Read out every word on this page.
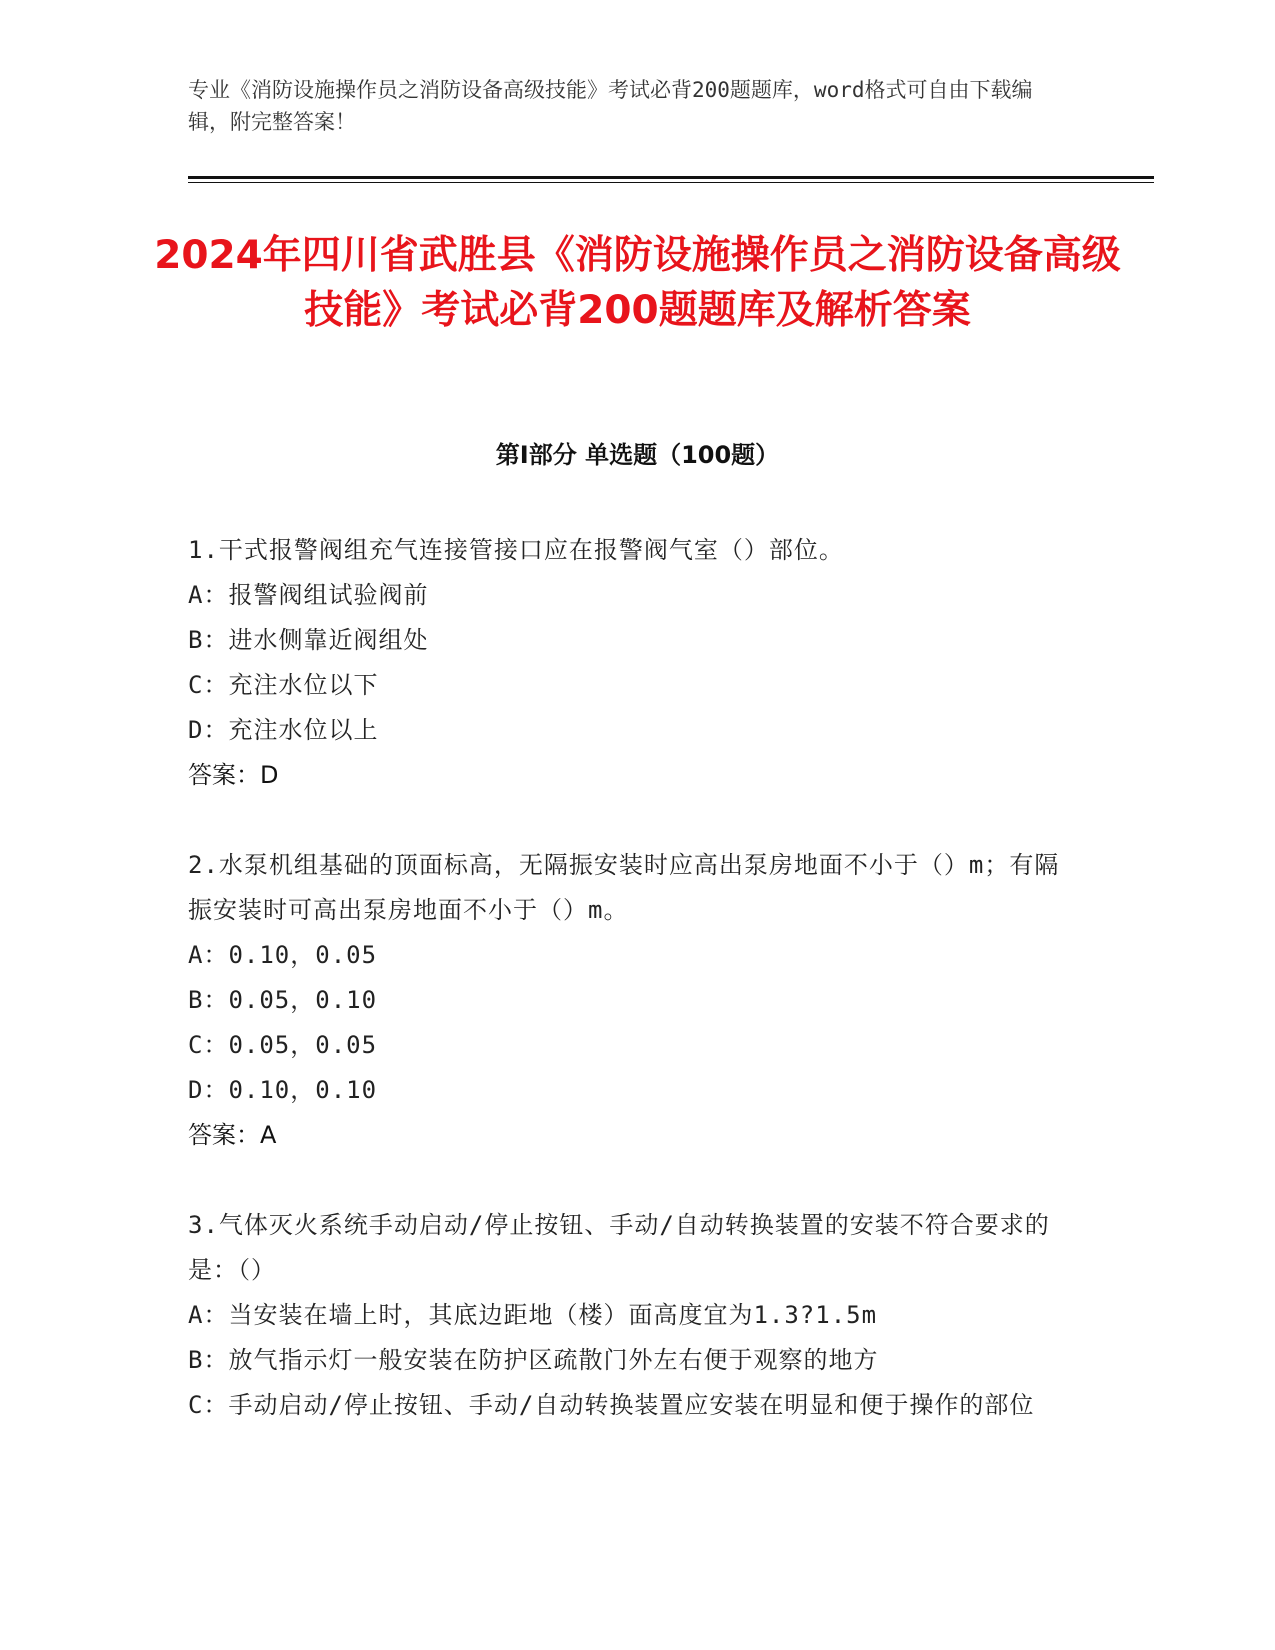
专业《消防设施操作员之消防设备高级技能》考试必背200题题库，word格式可自由下载编辑，附完整答案！
2024年四川省武胜县《消防设施操作员之消防设备高级技能》考试必背200题题库及解析答案
第Ⅰ部分 单选题（100题）
1.干式报警阀组充气连接管接口应在报警阀气室（）部位。
A：报警阀组试验阀前
B：进水侧靠近阀组处
C：充注水位以下
D：充注水位以上
答案：D
2.水泵机组基础的顶面标高，无隔振安装时应高出泵房地面不小于（）m；有隔振安装时可高出泵房地面不小于（）m。
A：0.10，0.05
B：0.05，0.10
C：0.05，0.05
D：0.10，0.10
答案：A
3.气体灭火系统手动启动/停止按钮、手动/自动转换装置的安装不符合要求的是：（）
A：当安装在墙上时，其底边距地（楼）面高度宜为1.3?1.5m
B：放气指示灯一般安装在防护区疏散门外左右便于观察的地方
C：手动启动/停止按钮、手动/自动转换装置应安装在明显和便于操作的部位
